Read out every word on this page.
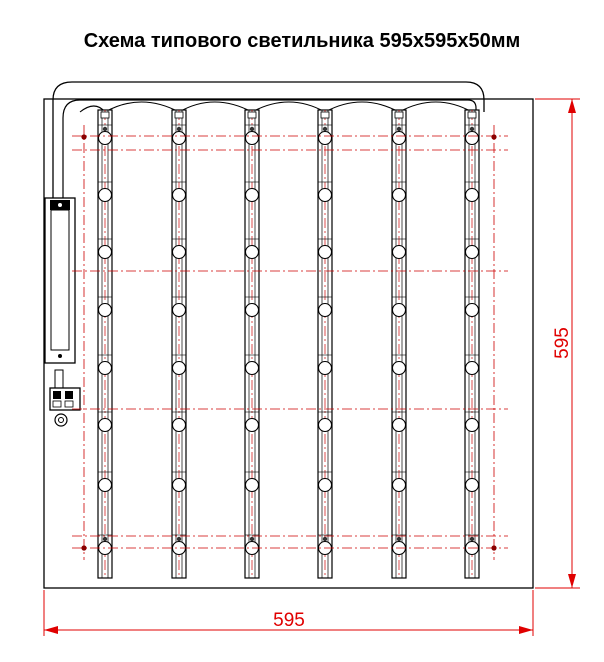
Схема типового светильника 595х595х50мм
595
595
